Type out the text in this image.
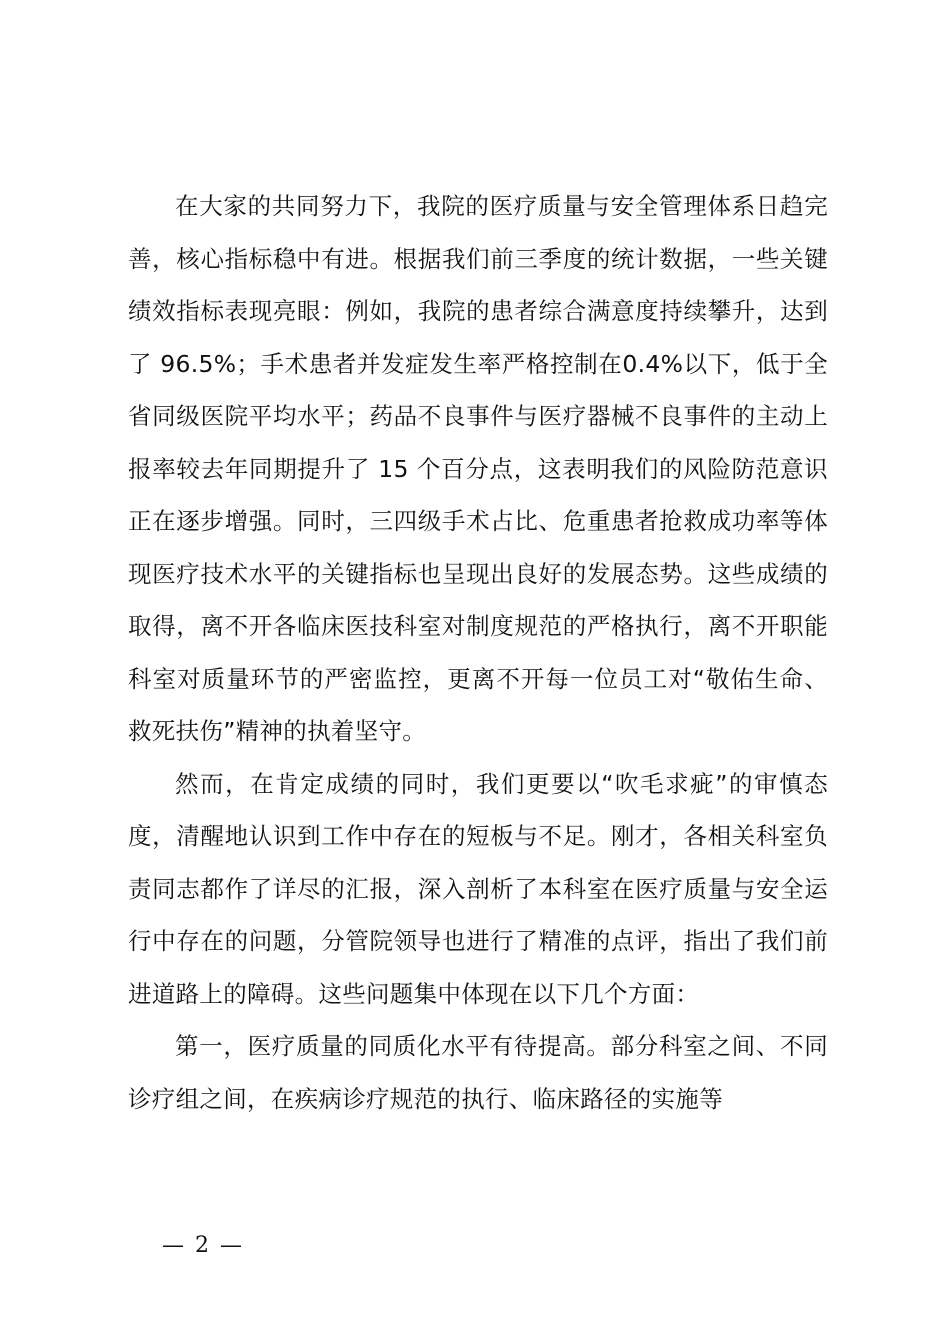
在大家的共同努力下，我院的医疗质量与安全管理体系日趋完善，核心指标稳中有进。根据我们前三季度的统计数据，一些关键绩效指标表现亮眼：例如，我院的患者综合满意度持续攀升，达到了 96.5%；手术患者并发症发生率严格控制在0.4%以下，低于全省同级医院平均水平；药品不良事件与医疗器械不良事件的主动上报率较去年同期提升了 15 个百分点，这表明我们的风险防范意识正在逐步增强。同时，三四级手术占比、危重患者抢救成功率等体现医疗技术水平的关键指标也呈现出良好的发展态势。这些成绩的取得，离不开各临床医技科室对制度规范的严格执行，离不开职能科室对质量环节的严密监控，更离不开每一位员工对“敬佑生命、救死扶伤”精神的执着坚守。

然而，在肯定成绩的同时，我们更要以“吹毛求疵”的审慎态度，清醒地认识到工作中存在的短板与不足。刚才，各相关科室负责同志都作了详尽的汇报，深入剖析了本科室在医疗质量与安全运行中存在的问题，分管院领导也进行了精准的点评，指出了我们前进道路上的障碍。这些问题集中体现在以下几个方面：

第一，医疗质量的同质化水平有待提高。部分科室之间、不同诊疗组之间，在疾病诊疗规范的执行、临床路径的实施等

— 2 —
